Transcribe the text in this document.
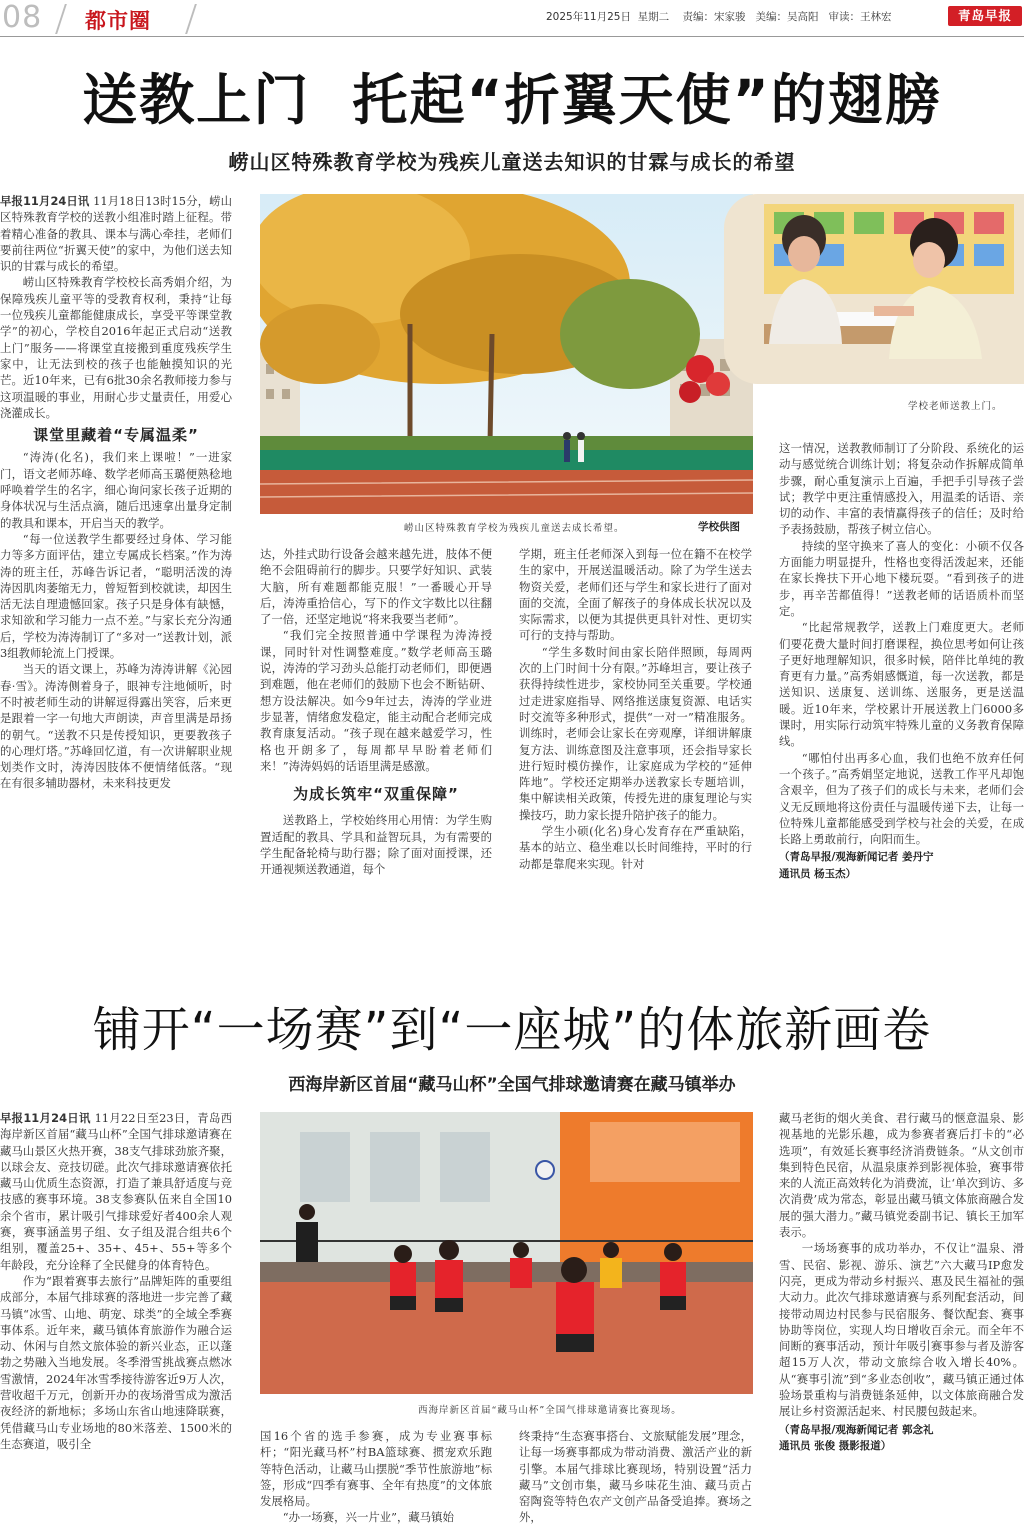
08 都市圈	2025年11月25日 星期二 责编：宋家骏 美编：吴高阳 审读：王林宏	青岛早报
送教上门  托起“折翼天使”的翅膀
崂山区特殊教育学校为残疾儿童送去知识的甘霖与成长的希望
崂山区特殊教育学校为残疾儿童送去成长希望。	学校供图
学校老师送教上门。

早报11月24日讯 11月18日13时15分，崂山区特殊教育学校的送教小组准时踏上征程。带着精心准备的教具、课本与满心牵挂，老师们要前往两位“折翼天使”的家中，为他们送去知识的甘霖与成长的希望。

崂山区特殊教育学校校长高秀娟介绍，为保障残疾儿童平等的受教育权利，秉持“让每一位残疾儿童都能健康成长，享受平等课堂教学”的初心，学校自2016年起正式启动“送教上门”服务——将课堂直接搬到重度残疾学生家中，让无法到校的孩子也能触摸知识的光芒。近10年来，已有6批30余名教师接力参与这项温暖的事业，用耐心步丈量责任，用爱心浇灌成长。

课堂里藏着“专属温柔”

“涛涛(化名)，我们来上课啦！”一进家门，语文老师苏峰、数学老师高玉璐便熟稔地呼唤着学生的名字，细心询问家长孩子近期的身体状况与生活点滴，随后迅速拿出量身定制的教具和课本，开启当天的教学。

“每一位送教学生都要经过身体、学习能力等多方面评估，建立专属成长档案。”作为涛涛的班主任，苏峰告诉记者，“聪明活泼的涛涛因肌肉萎缩无力，曾短暂到校就读，却因生活无法自理遗憾回家。孩子只是身体有缺憾，求知欲和学习能力一点不差。”与家长充分沟通后，学校为涛涛制订了“多对一”送教计划，派3组教师轮流上门授课。

当天的语文课上，苏峰为涛涛讲解《沁园春·雪》。涛涛侧着身子，眼神专注地倾听，时不时被老师生动的讲解逗得露出笑容，后来更是跟着一字一句地大声朗读，声音里满是昂扬的朝气。“送教不只是传授知识，更要教孩子的心理灯塔。”苏峰回忆道，有一次讲解职业规划类作文时，涛涛因肢体不便情绪低落。“现在有很多辅助器材，未来科技更发

达，外挂式助行设备会越来越先进，肢体不便绝不会阻碍前行的脚步。只要学好知识、武装大脑，所有难题都能克服！”一番暖心开导后，涛涛重拾信心，写下的作文字数比以往翻了一倍，还坚定地说“将来我要当老师”。

“我们完全按照普通中学课程为涛涛授课，同时针对性调整难度。”数学老师高玉璐说，涛涛的学习劲头总能打动老师们，即便遇到难题，他在老师们的鼓励下也会不断钻研、想方设法解决。如今9年过去，涛涛的学业进步显著，情绪愈发稳定，能主动配合老师完成教育康复活动。“孩子现在越来越爱学习，性格也开朗多了，每周都早早盼着老师们来！”涛涛妈妈的话语里满是感激。

为成长筑牢“双重保障”

送教路上，学校始终用心用情：为学生购置适配的教具、学具和益智玩具，为有需要的学生配备轮椅与助行器；除了面对面授课，还开通视频送教通道，每个

学期，班主任老师深入到每一位在籍不在校学生的家中，开展送温暖活动。除了为学生送去物资关爱，老师们还与学生和家长进行了面对面的交流，全面了解孩子的身体成长状况以及实际需求，以便为其提供更具针对性、更切实可行的支持与帮助。

“学生多数时间由家长陪伴照顾，每周两次的上门时间十分有限。”苏峰坦言，要让孩子获得持续性进步，家校协同至关重要。学校通过走进家庭指导、网络推送康复资源、电话实时交流等多种形式，提供“一对一”精准服务。训练时，老师会让家长在旁观摩，详细讲解康复方法、训练意图及注意事项，还会指导家长进行短时模仿操作，让家庭成为学校的“延伸阵地”。学校还定期举办送教家长专题培训，集中解读相关政策，传授先进的康复理论与实操技巧，助力家长提升陪护孩子的能力。

学生小硕(化名)身心发育存在严重缺陷，基本的站立、稳坐难以长时间维持，平时的行动都是靠爬来实现。针对

这一情况，送教教师制订了分阶段、系统化的运动与感觉统合训练计划；将复杂动作拆解成简单步骤，耐心重复演示上百遍，手把手引导孩子尝试；教学中更注重情感投入，用温柔的话语、亲切的动作、丰富的表情赢得孩子的信任；及时给予表扬鼓励，帮孩子树立信心。

持续的坚守换来了喜人的变化：小硕不仅各方面能力明显提升，性格也变得活泼起来，还能在家长搀扶下开心地下楼玩耍。“看到孩子的进步，再辛苦都值得！”送教老师的话语质朴而坚定。

“比起常规教学，送教上门难度更大。老师们要花费大量时间打磨课程，换位思考如何让孩子更好地理解知识，很多时候，陪伴比单纯的教育更有力量。”高秀娟感慨道，每一次送教，都是送知识、送康复、送训练、送服务，更是送温暖。近10年来，学校累计开展送教上门6000多课时，用实际行动筑牢特殊儿童的义务教育保障线。

“哪怕付出再多心血，我们也绝不放弃任何一个孩子。”高秀娟坚定地说，送教工作平凡却饱含艰辛，但为了孩子们的成长与未来，老师们会义无反顾地将这份责任与温暖传递下去，让每一位特殊儿童都能感受到学校与社会的关爱，在成长路上勇敢前行，向阳而生。

（青岛早报/观海新闻记者 姜丹宁
通讯员 杨玉杰）
铺开“一场赛”到“一座城”的体旅新画卷
西海岸新区首届“藏马山杯”全国气排球邀请赛在藏马镇举办
西海岸新区首届“藏马山杯”全国气排球邀请赛比赛现场。

早报11月24日讯 11月22日至23日，青岛西海岸新区首届“藏马山杯”全国气排球邀请赛在藏马山景区火热开赛，38支气排球劲旅齐聚，以球会友、竞技切磋。此次气排球邀请赛依托藏马山优质生态资源，打造了兼具舒适度与竞技感的赛事环境。38支参赛队伍来自全国10余个省市，累计吸引气排球爱好者400余人观赛，赛事涵盖男子组、女子组及混合组共6个组别，覆盖25+、35+、45+、55+等多个年龄段，充分诠释了全民健身的体育特色。

作为“跟着赛事去旅行”品牌矩阵的重要组成部分，本届气排球赛的落地进一步完善了藏马镇“冰雪、山地、萌宠、球类”的全域全季赛事体系。近年来，藏马镇体育旅游作为融合运动、休闲与自然文旅体验的新兴业态，正以蓬勃之势融入当地发展。冬季滑雪挑战赛点燃冰雪激情，2024年冰雪季接待游客近9万人次，营收超千万元，创新开办的夜场滑雪成为激活夜经济的新地标；多场山东省山地速降联赛，凭借藏马山专业场地的80米落差、1500米的生态赛道，吸引全

国16个省的选手参赛，成为专业赛事标杆；“阳光藏马杯”村BA篮球赛、掼宠欢乐跑等特色活动，让藏马山摆脱“季节性旅游地”标签，形成“四季有赛事、全年有热度”的文体旅发展格局。

“办一场赛，兴一片业”，藏马镇始

终秉持“生态赛事搭台、文旅赋能发展”理念，让每一场赛事都成为带动消费、激活产业的新引擎。本届气排球比赛现场，特别设置“活力藏马”文创市集，藏马乡味花生油、藏马贡占窑陶瓷等特色农产文创产品备受追捧。赛场之外，

藏马老街的烟火美食、君行藏马的惬意温泉、影视基地的光影乐趣，成为参赛者赛后打卡的“必选项”，有效延长赛事经济消费链条。“从文创市集到特色民宿，从温泉康养到影视体验，赛事带来的人流正高效转化为消费流，让‘单次到访、多次消费’成为常态，彰显出藏马镇文体旅商融合发展的强大潜力。”藏马镇党委副书记、镇长王加军表示。

一场场赛事的成功举办，不仅让“温泉、滑雪、民宿、影视、游乐、演艺”六大藏马IP愈发闪亮，更成为带动乡村振兴、惠及民生福祉的强大动力。此次气排球邀请赛与系列配套活动，间接带动周边村民参与民宿服务、餐饮配套、赛事协助等岗位，实现人均日增收百余元。而全年不间断的赛事活动，预计年吸引赛事参与者及游客超15万人次，带动文旅综合收入增长40%。从“赛事引流”到“多业态创收”，藏马镇正通过体验场景重构与消费链条延伸，以文体旅商融合发展让乡村资源活起来、村民腰包鼓起来。

（青岛早报/观海新闻记者 郭念礼
通讯员 张俊 摄影报道）
